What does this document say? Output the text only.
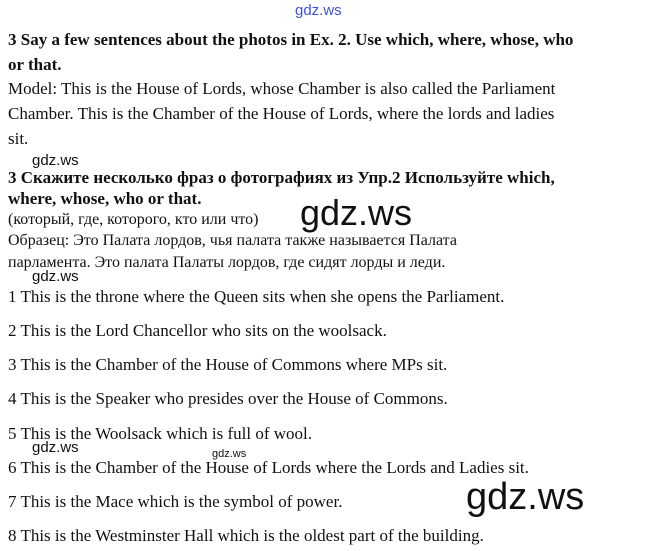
gdz.ws
3 Say a few sentences about the photos in Ex. 2. Use which, where, whose, who
or that.
Model: This is the House of Lords, whose Chamber is also called the Parliament
Chamber. This is the Chamber of the House of Lords, where the lords and ladies
sit.
gdz.ws
3 Скажите несколько фраз о фотографиях из Упр.2 Используйте which,
where, whose, who or that.
(который, где, которого, кто или что) gdz.ws
Образец: Это Палата лордов, чья палата также называется Палата
парламента. Это палата Палаты лордов, где сидят лорды и леди.
gdz.ws
1 This is the throne where the Queen sits when she opens the Parliament.
2 This is the Lord Chancellor who sits on the woolsack.
3 This is the Chamber of the House of Commons where MPs sit.
4 This is the Speaker who presides over the House of Commons.
5 This is the Woolsack which is full of wool.
gdz.ws	gdz.ws
6 This is the Chamber of the House of Lords where the Lords and Ladies sit.
7 This is the Mace which is the symbol of power.	gdz.ws
8 This is the Westminster Hall which is the oldest part of the building.
